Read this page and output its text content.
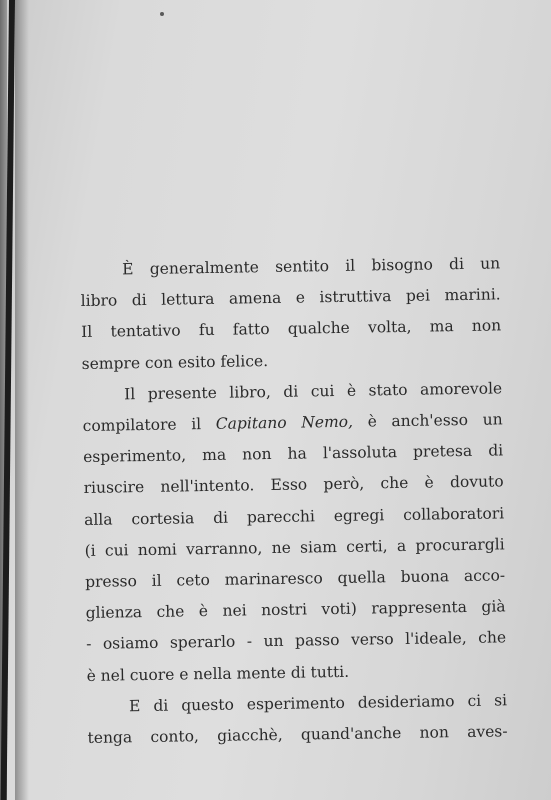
È generalmente sentito il bisogno di un
libro di lettura amena e istruttiva pei marini.
Il tentativo fu fatto qualche volta, ma non
sempre con esito felice.
Il presente libro, di cui è stato amorevole
compilatore il Capitano Nemo, è anch'esso un
esperimento, ma non ha l'assoluta pretesa di
riuscire nell'intento. Esso però, che è dovuto
alla cortesia di parecchi egregi collaboratori
(i cui nomi varranno, ne siam certi, a procurargli
presso il ceto marinaresco quella buona acco-
glienza che è nei nostri voti) rappresenta già
- osiamo sperarlo - un passo verso l'ideale, che
è nel cuore e nella mente di tutti.
E di questo esperimento desideriamo ci si
tenga conto, giacchè, quand'anche non aves-
